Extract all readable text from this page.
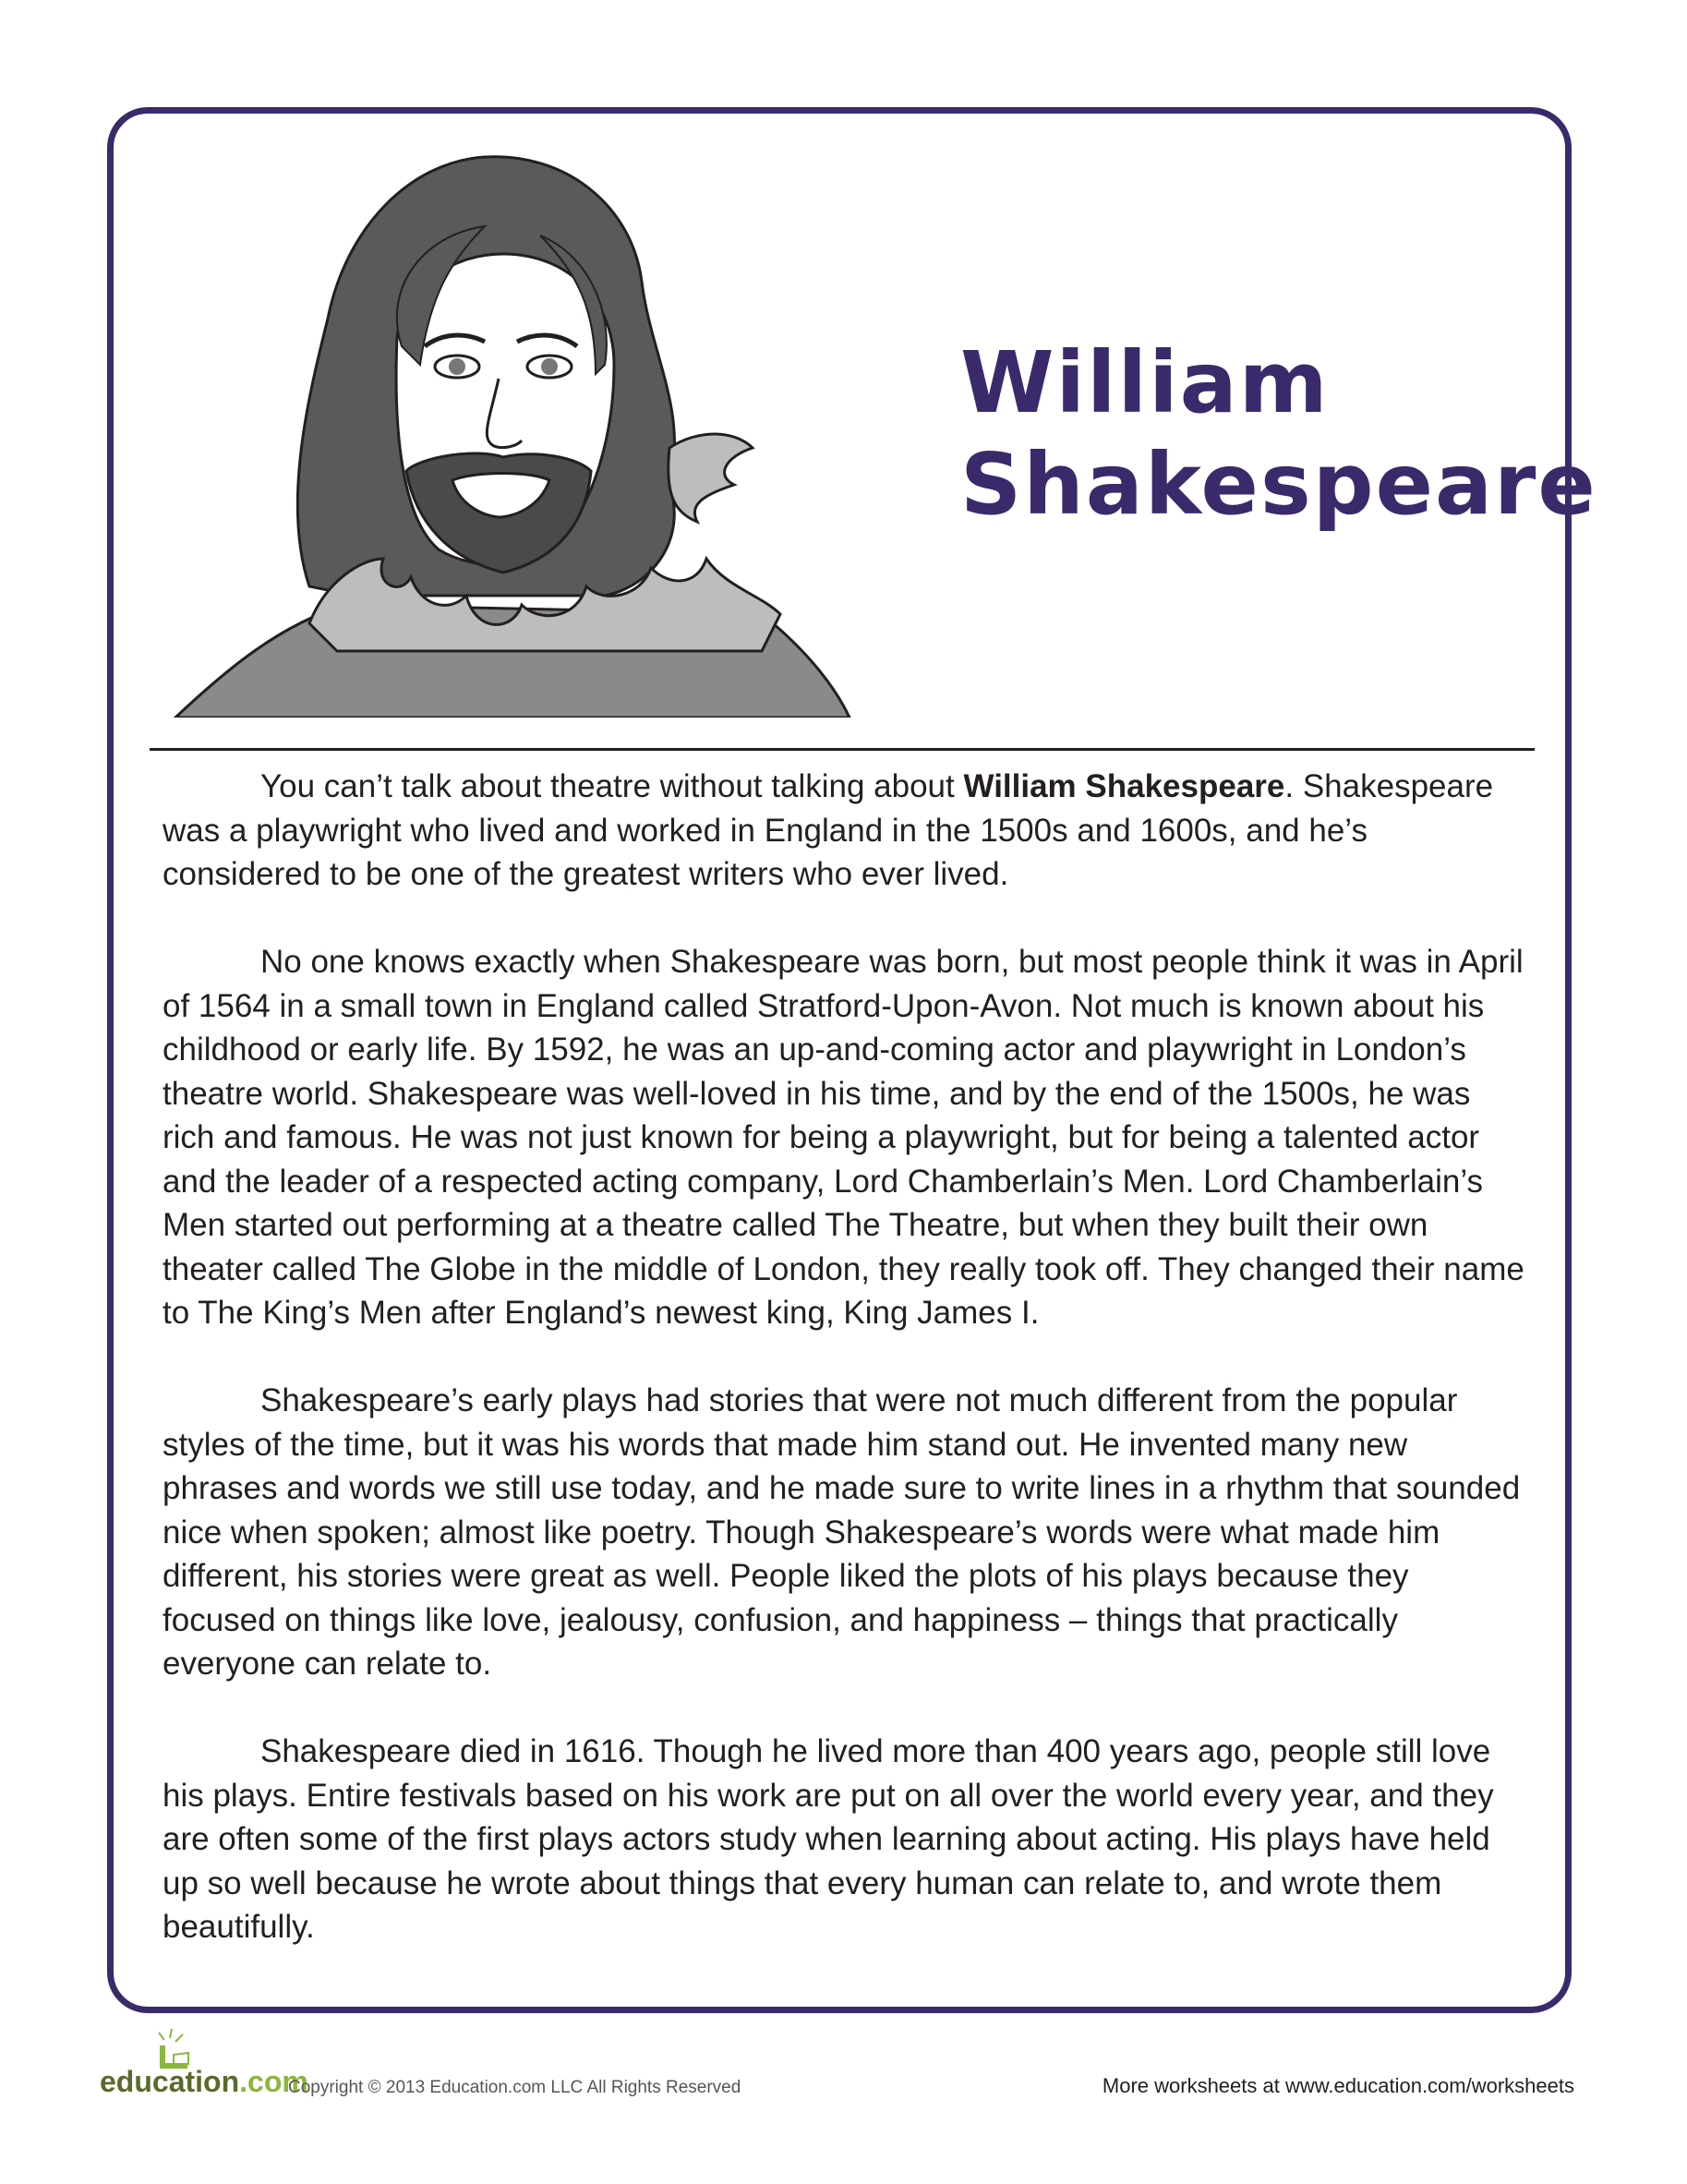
William
Shakespeare

You can’t talk about theatre without talking about William Shakespeare. Shakespeare was a playwright who lived and worked in England in the 1500s and 1600s, and he’s considered to be one of the greatest writers who ever lived.

No one knows exactly when Shakespeare was born, but most people think it was in April of 1564 in a small town in England called Stratford-Upon-Avon. Not much is known about his childhood or early life. By 1592, he was an up-and-coming actor and playwright in London’s theatre world. Shakespeare was well-loved in his time, and by the end of the 1500s, he was rich and famous. He was not just known for being a playwright, but for being a talented actor and the leader of a respected acting company, Lord Chamberlain’s Men. Lord Chamberlain’s Men started out performing at a theatre called The Theatre, but when they built their own theater called The Globe in the middle of London, they really took off. They changed their name to The King’s Men after England’s newest king, King James I.

Shakespeare’s early plays had stories that were not much different from the popular styles of the time, but it was his words that made him stand out. He invented many new phrases and words we still use today, and he made sure to write lines in a rhythm that sounded nice when spoken; almost like poetry. Though Shakespeare’s words were what made him different, his stories were great as well. People liked the plots of his plays because they focused on things like love, jealousy, confusion, and happiness – things that practically everyone can relate to.

Shakespeare died in 1616. Though he lived more than 400 years ago, people still love his plays. Entire festivals based on his work are put on all over the world every year, and they are often some of the first plays actors study when learning about acting. His plays have held up so well because he wrote about things that every human can relate to, and wrote them beautifully.

education.com
Copyright © 2013 Education.com LLC All Rights Reserved	More worksheets at www.education.com/worksheets
